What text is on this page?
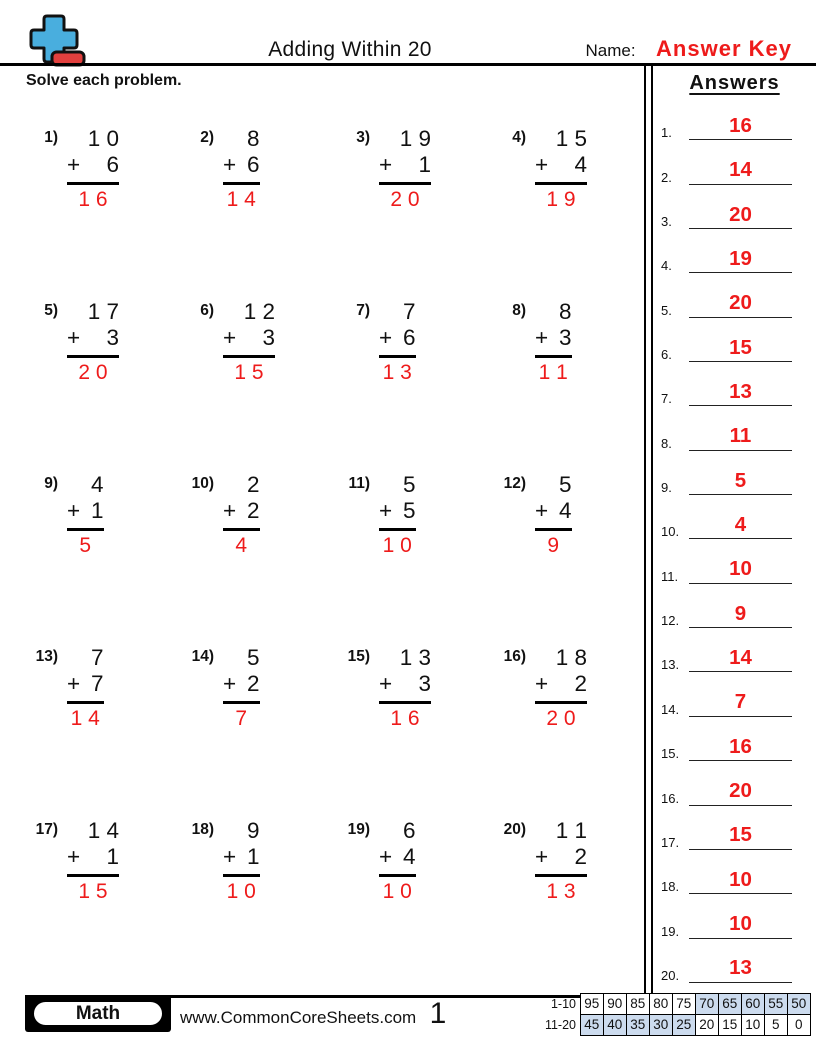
Adding Within 20	Name: Answer Key
Solve each problem.
1)	1 0
+ 6
1 6
2)	8
+ 6
1 4
3)	1 9
+ 1
2 0
4)	1 5
+ 4
1 9
5)	1 7
+ 3
2 0
6)	1 2
+ 3
1 5
7)	7
+ 6
1 3
8)	8
+ 3
1 1
9)	4
+ 1
5
10)	2
+ 2
4
11)	5
+ 5
1 0
12)	5
+ 4
9
13)	7
+ 7
1 4
14)	5
+ 2
7
15)	1 3
+ 3
1 6
16)	1 8
+ 2
2 0
17)	1 4
+ 1
1 5
18)	9
+ 1
1 0
19)	6
+ 4
1 0
20)	1 1
+ 2
1 3
Answers
1.	16
2.	14
3.	20
4.	19
5.	20
6.	15
7.	13
8.	11
9.	5
10.	4
11.	10
12.	9
13.	14
14.	7
15.	16
16.	20
17.	15
18.	10
19.	10
20.	13
Math	www.CommonCoreSheets.com 1	1-10 95 90 85 80 75 70 65 60 55 50
11-20 45 40 35 30 25 20 15 10 5	0
